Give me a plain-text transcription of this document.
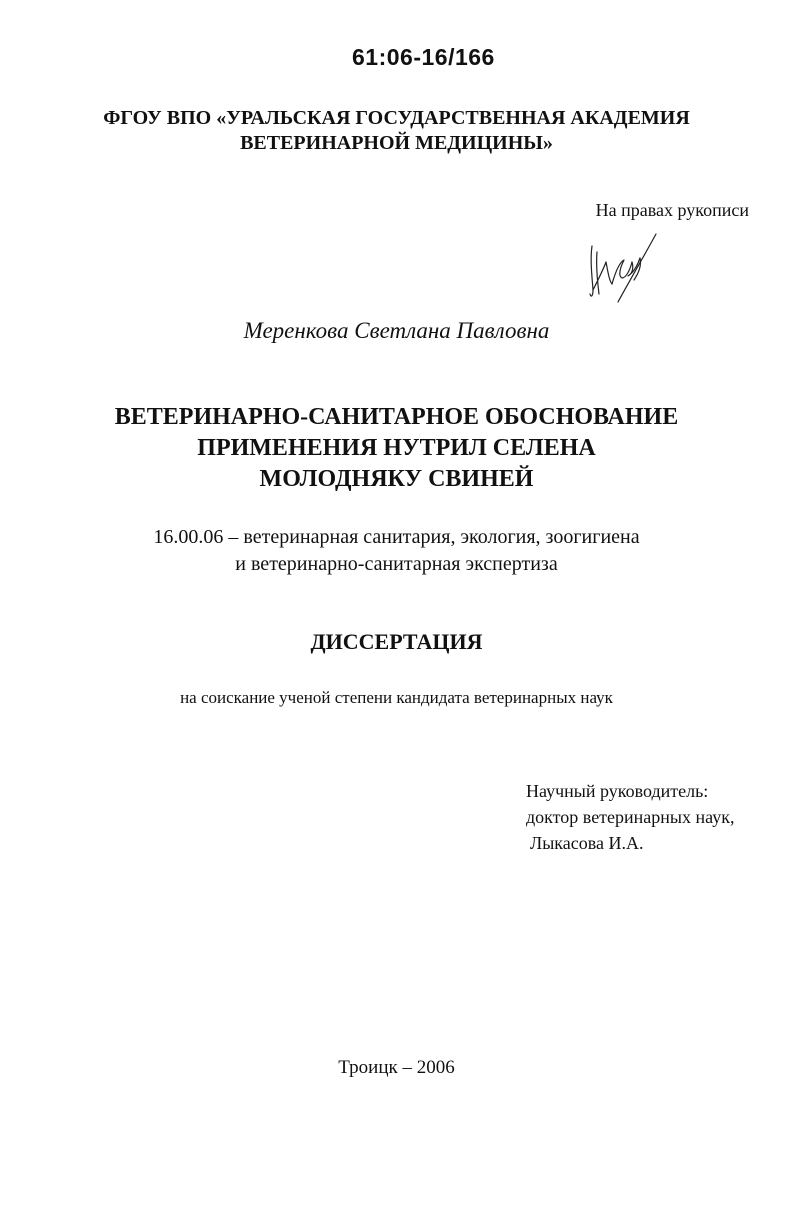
61:06-16/166
ФГОУ ВПО «УРАЛЬСКАЯ ГОСУДАРСТВЕННАЯ АКАДЕМИЯ
ВЕТЕРИНАРНОЙ МЕДИЦИНЫ»
На правах рукописи
Меренкова Светлана Павловна
ВЕТЕРИНАРНО-САНИТАРНОЕ ОБОСНОВАНИЕ
ПРИМЕНЕНИЯ НУТРИЛ СЕЛЕНА
МОЛОДНЯКУ СВИНЕЙ
16.00.06 – ветеринарная санитария, экология, зоогигиена
и ветеринарно-санитарная экспертиза
ДИССЕРТАЦИЯ
на соискание ученой степени кандидата ветеринарных наук
Научный руководитель:
доктор ветеринарных наук,
Лыкасова И.А.
Троицк – 2006
